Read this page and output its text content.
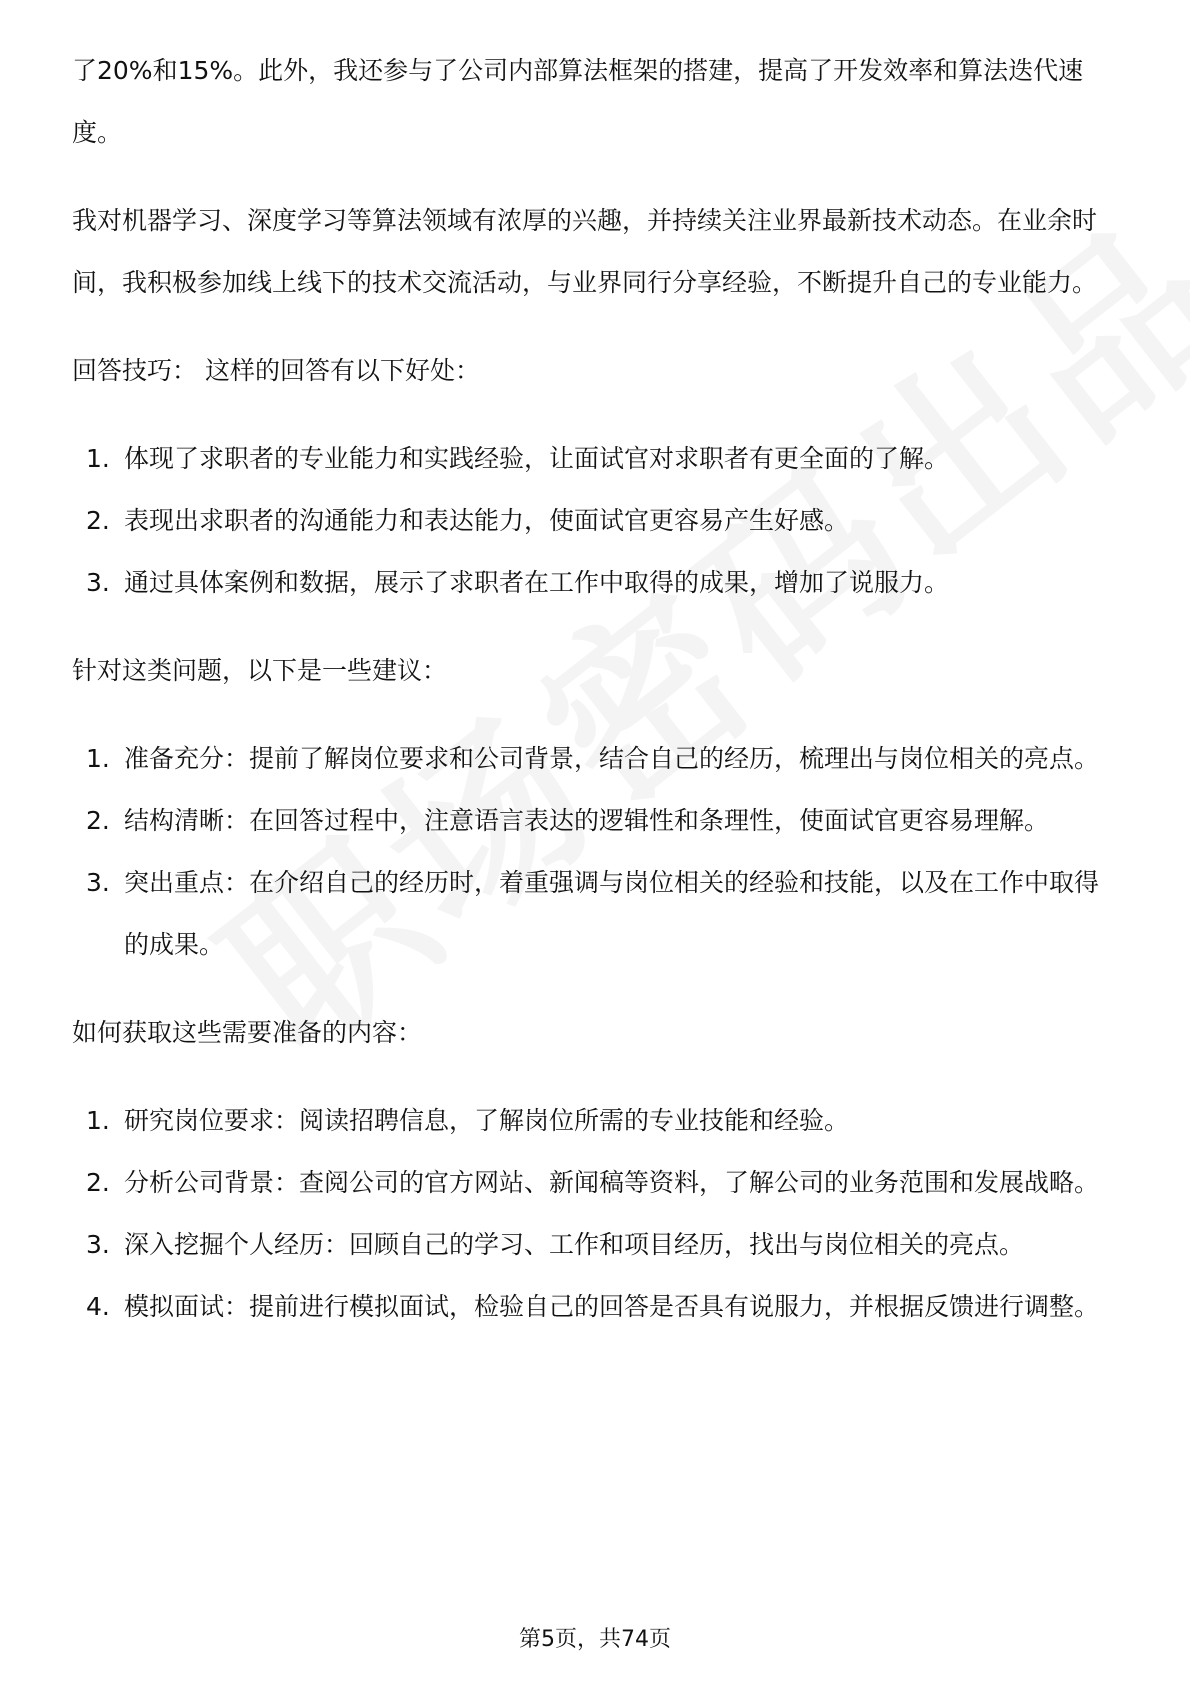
了20%和15%。此外，我还参与了公司内部算法框架的搭建，提高了开发效率和算法迭代速度。

我对机器学习、深度学习等算法领域有浓厚的兴趣，并持续关注业界最新技术动态。在业余时间，我积极参加线上线下的技术交流活动，与业界同行分享经验，不断提升自己的专业能力。

回答技巧： 这样的回答有以下好处：

1. 体现了求职者的专业能力和实践经验，让面试官对求职者有更全面的了解。
2. 表现出求职者的沟通能力和表达能力，使面试官更容易产生好感。
3. 通过具体案例和数据，展示了求职者在工作中取得的成果，增加了说服力。

针对这类问题，以下是一些建议：

1. 准备充分：提前了解岗位要求和公司背景，结合自己的经历，梳理出与岗位相关的亮点。
2. 结构清晰：在回答过程中，注意语言表达的逻辑性和条理性，使面试官更容易理解。
3. 突出重点：在介绍自己的经历时，着重强调与岗位相关的经验和技能，以及在工作中取得的成果。

如何获取这些需要准备的内容：

1. 研究岗位要求：阅读招聘信息，了解岗位所需的专业技能和经验。
2. 分析公司背景：查阅公司的官方网站、新闻稿等资料，了解公司的业务范围和发展战略。
3. 深入挖掘个人经历：回顾自己的学习、工作和项目经历，找出与岗位相关的亮点。
4. 模拟面试：提前进行模拟面试，检验自己的回答是否具有说服力，并根据反馈进行调整。
第5页，共74页
